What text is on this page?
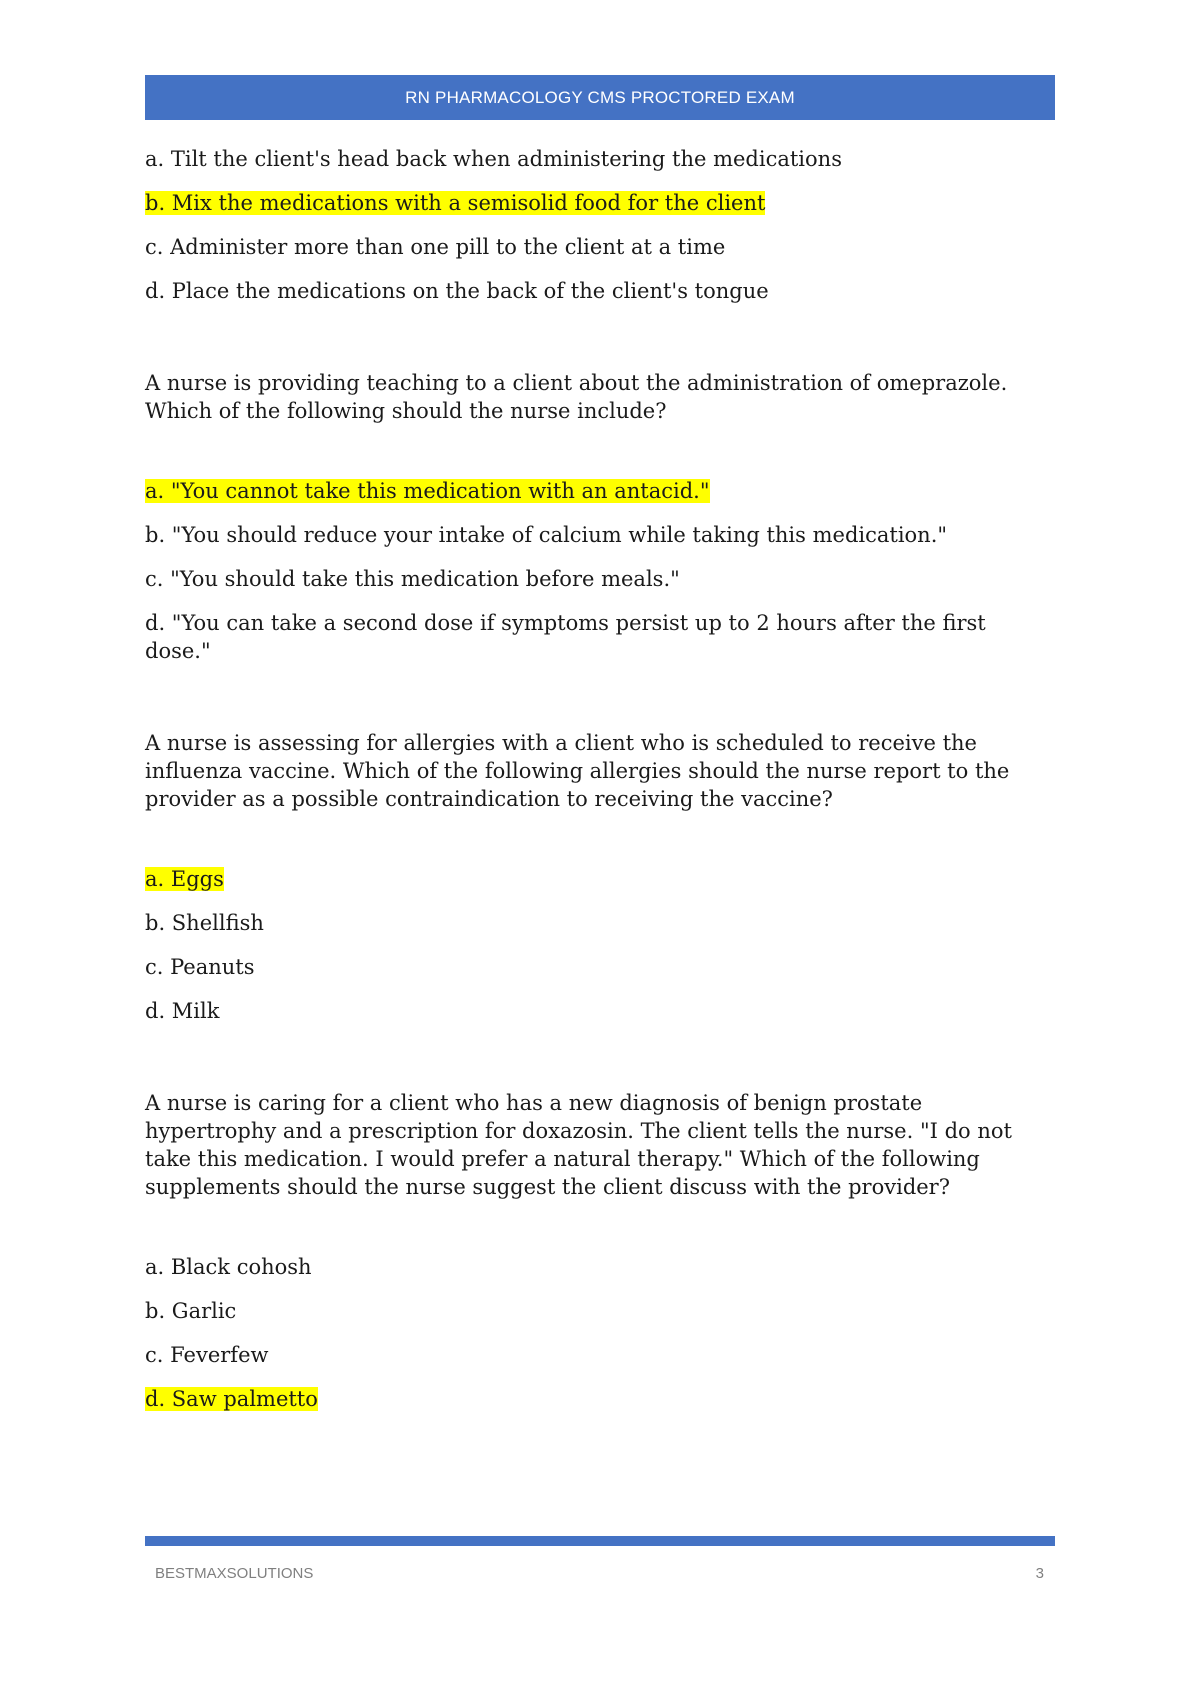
RN PHARMACOLOGY CMS PROCTORED EXAM

a. Tilt the client's head back when administering the medications

b. Mix the medications with a semisolid food for the client

c. Administer more than one pill to the client at a time

d. Place the medications on the back of the client's tongue

A nurse is providing teaching to a client about the administration of omeprazole. Which of the following should the nurse include?

a. "You cannot take this medication with an antacid."

b. "You should reduce your intake of calcium while taking this medication."

c. "You should take this medication before meals."

d. "You can take a second dose if symptoms persist up to 2 hours after the first dose."

A nurse is assessing for allergies with a client who is scheduled to receive the influenza vaccine. Which of the following allergies should the nurse report to the provider as a possible contraindication to receiving the vaccine?

a. Eggs

b. Shellfish

c. Peanuts

d. Milk

A nurse is caring for a client who has a new diagnosis of benign prostate hypertrophy and a prescription for doxazosin. The client tells the nurse. "I do not take this medication. I would prefer a natural therapy." Which of the following supplements should the nurse suggest the client discuss with the provider?

a. Black cohosh

b. Garlic

c. Feverfew

d. Saw palmetto

BESTMAXSOLUTIONS	3
